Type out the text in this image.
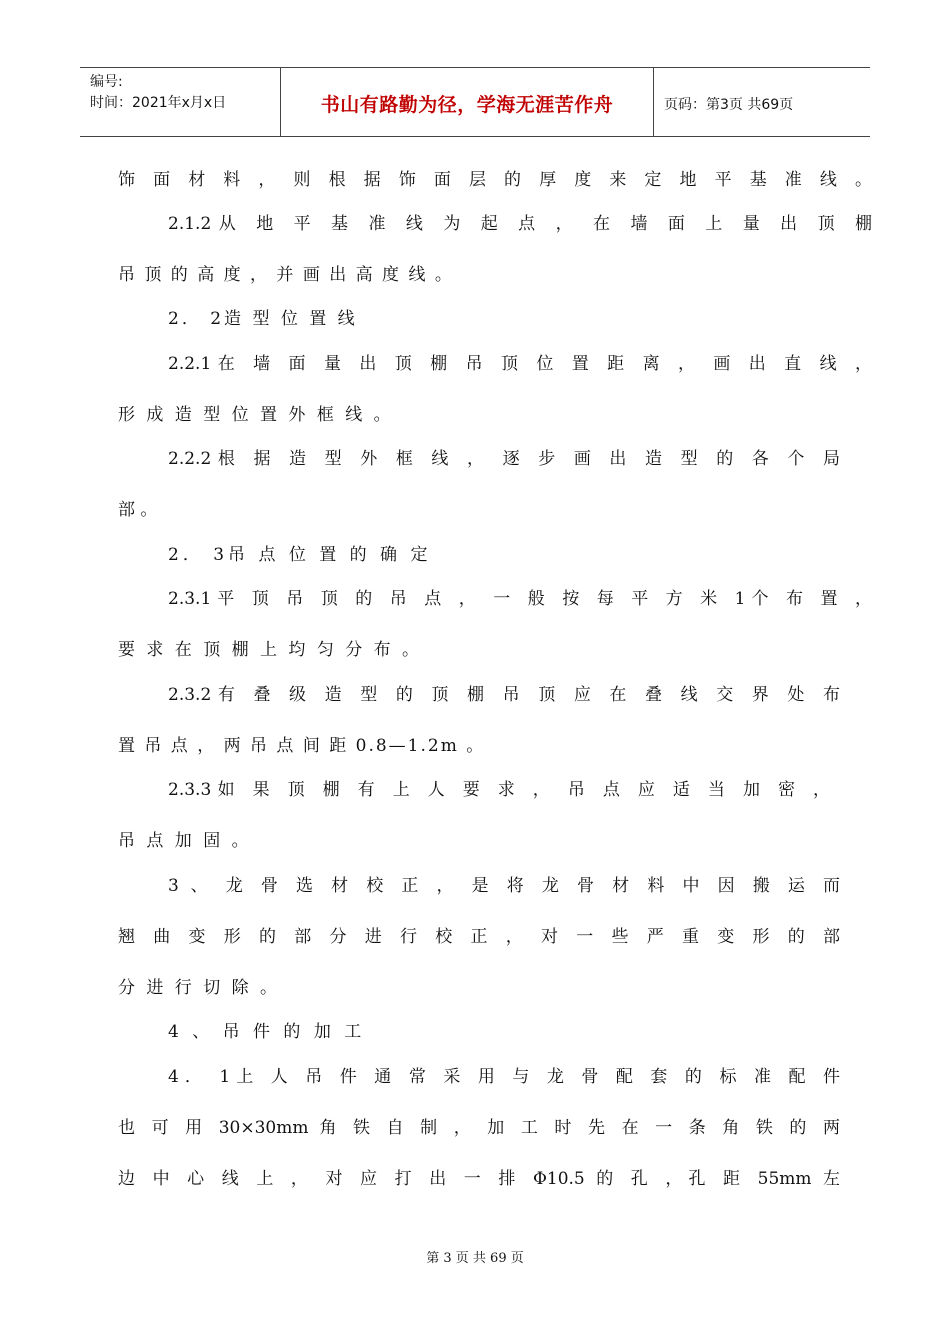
编号:
时间：2021年x月x日	书山有路勤为径，学海无涯苦作舟	页码：第3页 共69页
饰 面 材 料 ， 则 根 据 饰 面 层 的 厚 度 来 定 地 平 基 准 线 。
2.1.2从 地 平 基 准 线 为 起 点 ， 在 墙 面 上 量 出 顶 棚
吊 顶 的 高 度 ， 并 画 出 高 度 线 。
2． 2造 型 位 置 线
2.2.1在 墙 面 量 出 顶 棚 吊 顶 位 置 距 离 ， 画 出 直 线 ，
形 成 造 型 位 置 外 框 线 。
2.2.2根 据 造 型 外 框 线 ， 逐 步 画 出 造 型 的 各 个 局
部 。
2． 3吊 点 位 置 的 确 定
2.3.1平 顶 吊 顶 的 吊 点 ， 一 般 按 每 平 方 米 1个 布 置 ，
要 求 在 顶 棚 上 均 匀 分 布 。
2.3.2有 叠 级 造 型 的 顶 棚 吊 顶 应 在 叠 线 交 界 处 布
置 吊 点 ， 两 吊 点 间 距 0.8—1.2m 。
2.3.3如 果 顶 棚 有 上 人 要 求 ， 吊 点 应 适 当 加 密 ，
吊 点 加 固 。
3 、 龙 骨 选 材 校 正 ， 是 将 龙 骨 材 料 中 因 搬 运 而
翘 曲 变 形 的 部 分 进 行 校 正 ， 对 一 些 严 重 变 形 的 部
分 进 行 切 除 。
4 、 吊 件 的 加 工
4． 1上 人 吊 件 通 常 采 用 与 龙 骨 配 套 的 标 准 配 件
也 可 用 30×30mm 角 铁 自 制 ， 加 工 时 先 在 一 条 角 铁 的 两
边 中 心 线 上 ， 对 应 打 出 一 排 Φ10.5 的 孔 ，孔 距 55mm 左
第 3 页 共 69 页
